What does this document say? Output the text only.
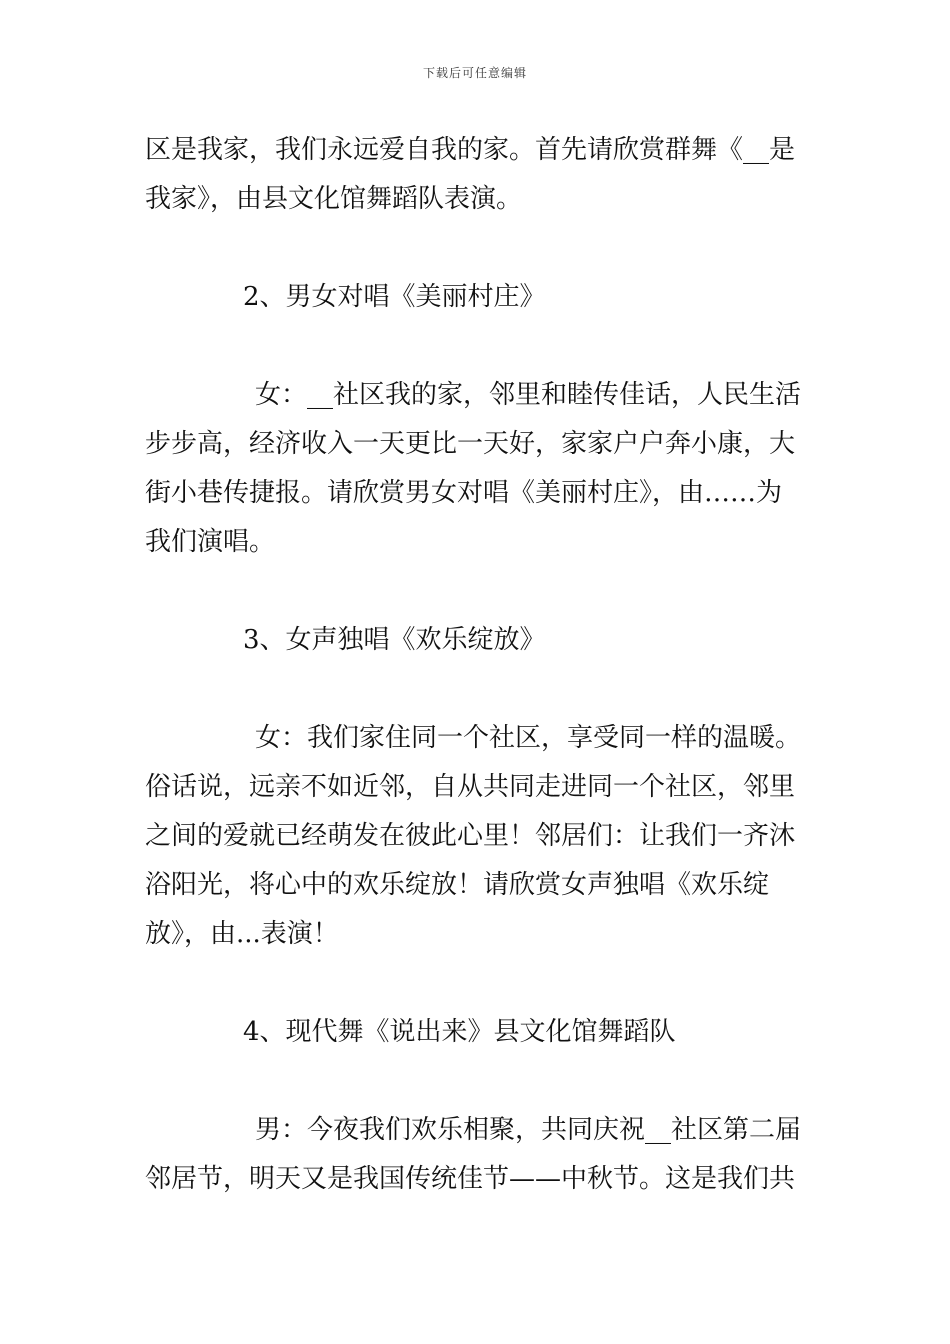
下载后可任意编辑
区是我家，我们永远爱自我的家。首先请欣赏群舞《__是
我家》，由县文化馆舞蹈队表演。
2、男女对唱《美丽村庄》
女：__社区我的家，邻里和睦传佳话，人民生活
步步高，经济收入一天更比一天好，家家户户奔小康，大
街小巷传捷报。请欣赏男女对唱《美丽村庄》，由……为
我们演唱。
3、女声独唱《欢乐绽放》
女：我们家住同一个社区，享受同一样的温暖。
俗话说，远亲不如近邻，自从共同走进同一个社区，邻里
之间的爱就已经萌发在彼此心里！邻居们：让我们一齐沐
浴阳光，将心中的欢乐绽放！请欣赏女声独唱《欢乐绽
放》，由...表演！
4、现代舞《说出来》县文化馆舞蹈队
男：今夜我们欢乐相聚，共同庆祝__社区第二届
邻居节，明天又是我国传统佳节——中秋节。这是我们共
